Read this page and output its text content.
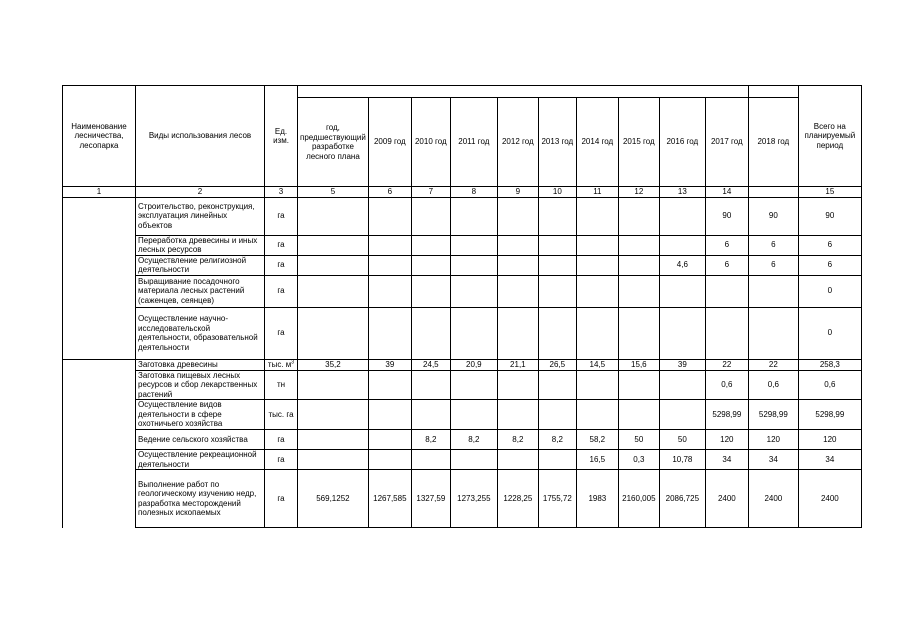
Наименование лесничества, лесопарка	Виды использования лесов	Ед. изм.												Всего на планируемый период
			год, предшествующий разработке лесного плана	2009 год	2010 год	2011 год	2012 год	2013 год	2014 год	2015 год	2016 год	2017 год	2018 год	
1	2	3	5	6	7	8	9	10	11	12	13	14		15
	Строительство, реконструкция, эксплуатация линейных объектов	га										90	90	90
	Переработка древесины и иных лесных ресурсов	га										6	6	6
	Осуществление религиозной деятельности	га									4,6	6	6	6
	Выращивание посадочного материала лесных растений (саженцев, сеянцев)	га												0
	Осуществление научно-исследовательской деятельности, образовательной деятельности	га												0
	Заготовка древесины	тыс. $м^3$	35,2	39	24,5	20,9	21,1	26,5	14,5	15,6	39	22	22	258,3
	Заготовка пищевых лесных ресурсов и сбор лекарственных растений	тн										0,6	0,6	0,6
	Осуществление видов деятельности в сфере охотничьего хозяйства	тыс. га										5298,99	5298,99	5298,99
	Ведение сельского хозяйства	га			8,2	8,2	8,2	8,2	58,2	50	50	120	120	120
	Осуществление рекреационной деятельности	га							16,5	0,3	10,78	34	34	34
	Выполнение работ по геологическому изучению недр, разработка месторождений полезных ископаемых	га	569,1252	1267,585	1327,59	1273,255	1228,25	1755,72	1983	2160,005	2086,725	2400	2400	2400
